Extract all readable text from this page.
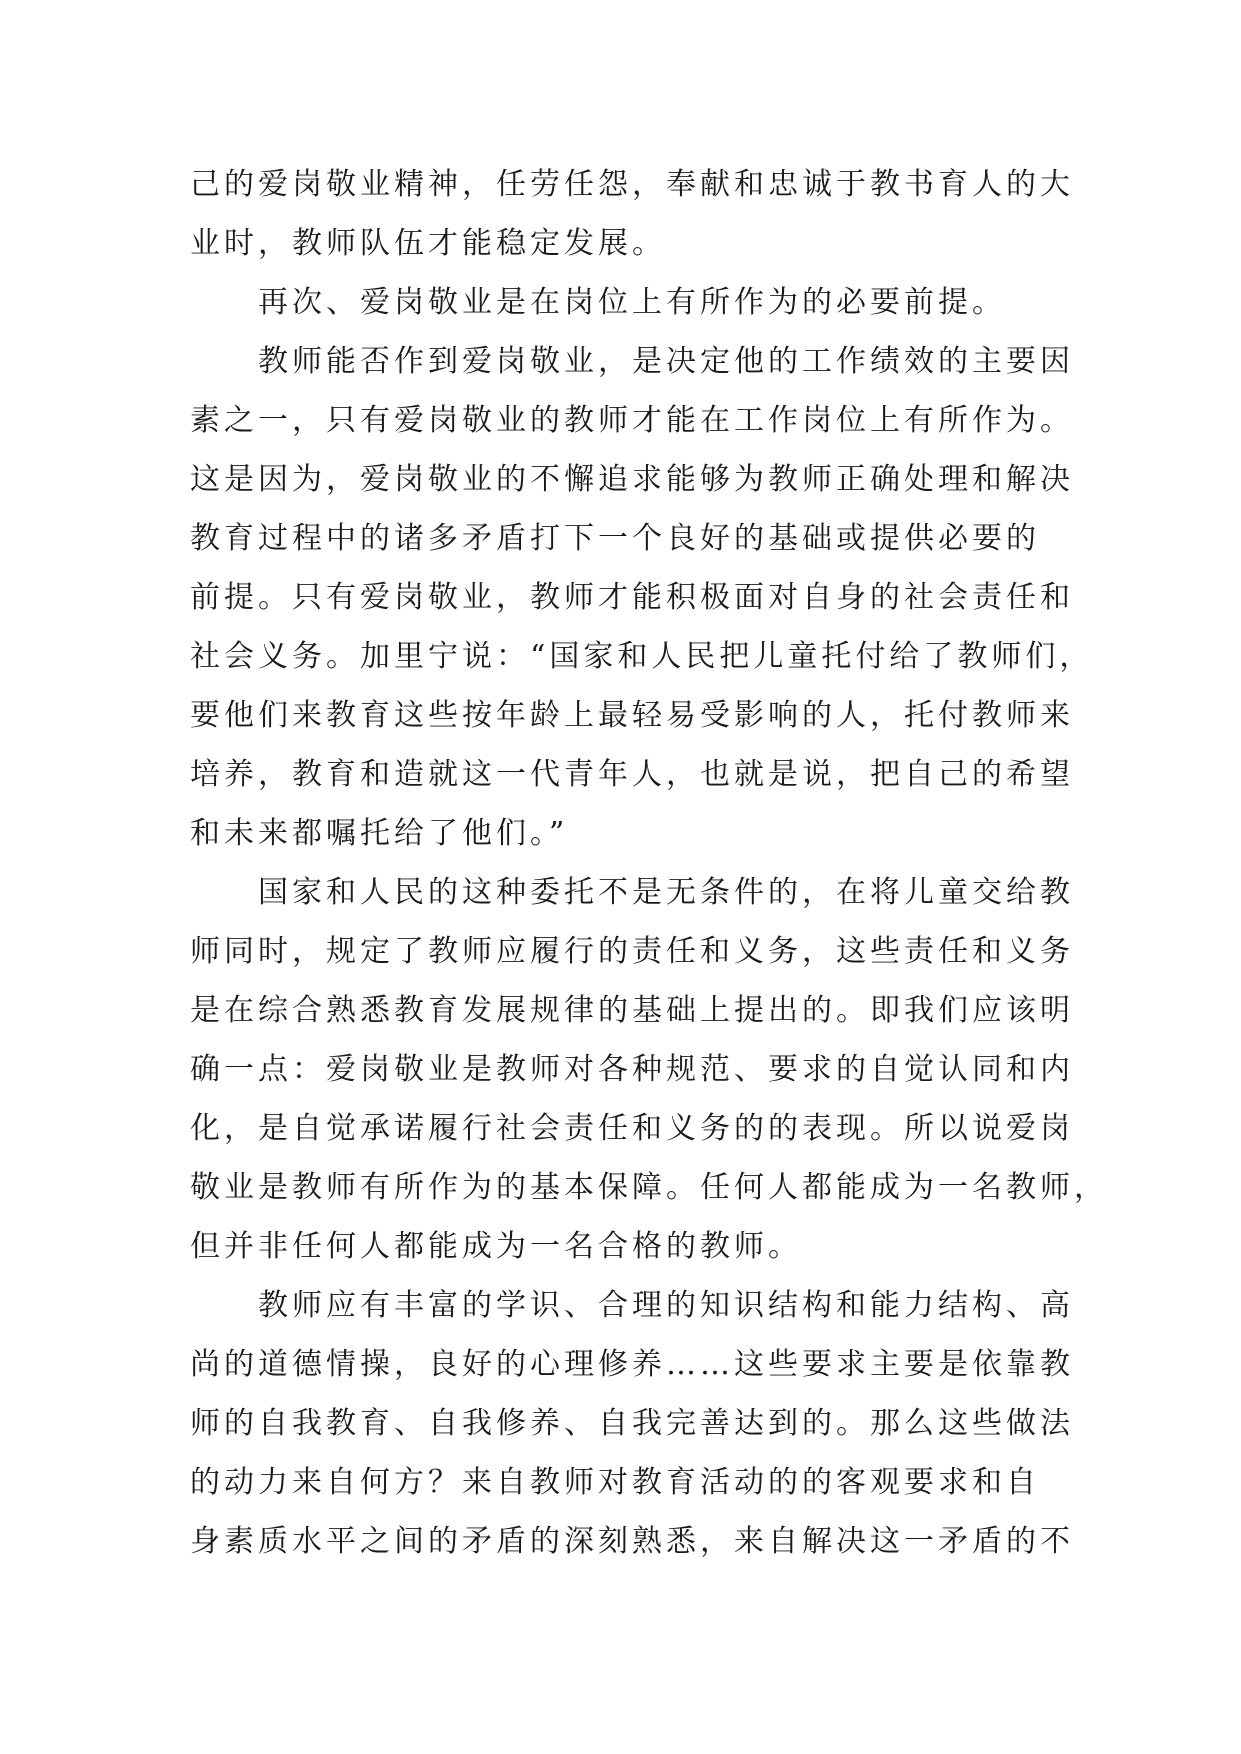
己的爱岗敬业精神，任劳任怨，奉献和忠诚于教书育人的大
业时，教师队伍才能稳定发展。
再次、爱岗敬业是在岗位上有所作为的必要前提。
教师能否作到爱岗敬业，是决定他的工作绩效的主要因
素之一，只有爱岗敬业的教师才能在工作岗位上有所作为。
这是因为，爱岗敬业的不懈追求能够为教师正确处理和解决
教育过程中的诸多矛盾打下一个良好的基础或提供必要的
前提。只有爱岗敬业，教师才能积极面对自身的社会责任和
社会义务。加里宁说：“国家和人民把儿童托付给了教师们，
要他们来教育这些按年龄上最轻易受影响的人，托付教师来
培养，教育和造就这一代青年人，也就是说，把自己的希望
和未来都嘱托给了他们。”
国家和人民的这种委托不是无条件的，在将儿童交给教
师同时，规定了教师应履行的责任和义务，这些责任和义务
是在综合熟悉教育发展规律的基础上提出的。即我们应该明
确一点：爱岗敬业是教师对各种规范、要求的自觉认同和内
化，是自觉承诺履行社会责任和义务的的表现。所以说爱岗
敬业是教师有所作为的基本保障。任何人都能成为一名教师，
但并非任何人都能成为一名合格的教师。
教师应有丰富的学识、合理的知识结构和能力结构、高
尚的道德情操，良好的心理修养……这些要求主要是依靠教
师的自我教育、自我修养、自我完善达到的。那么这些做法
的动力来自何方？来自教师对教育活动的的客观要求和自
身素质水平之间的矛盾的深刻熟悉，来自解决这一矛盾的不
